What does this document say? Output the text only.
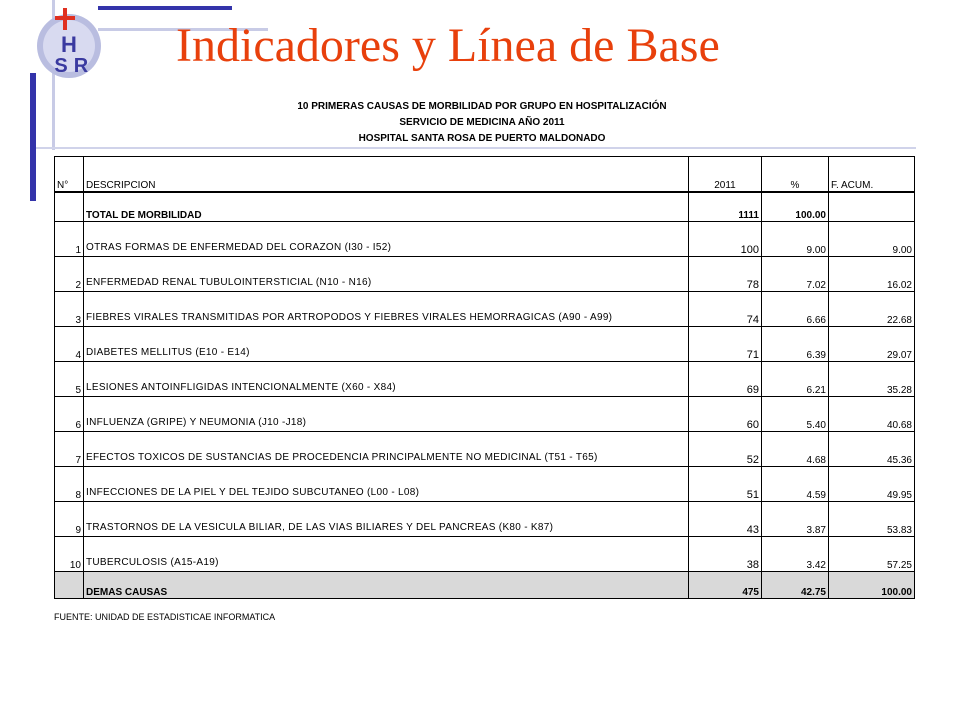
H
S R Indicadores y Línea de Base
10 PRIMERAS CAUSAS DE MORBILIDAD POR GRUPO EN HOSPITALIZACIÓN
SERVICIO DE MEDICINA AÑO 2011
HOSPITAL SANTA ROSA DE PUERTO MALDONADO
N°	DESCRIPCION	2011	%	F. ACUM.
	TOTAL DE MORBILIDAD	1111	100.00	
1	OTRAS FORMAS DE ENFERMEDAD DEL CORAZON (I30 - I52)	100	9.00	9.00
2	ENFERMEDAD RENAL TUBULOINTERSTICIAL (N10 - N16)	78	7.02	16.02
3	FIEBRES VIRALES TRANSMITIDAS POR ARTROPODOS Y FIEBRES VIRALES HEMORRAGICAS (A90 - A99)	74	6.66	22.68
4	DIABETES MELLITUS (E10 - E14)	71	6.39	29.07
5	LESIONES ANTOINFLIGIDAS INTENCIONALMENTE (X60 - X84)	69	6.21	35.28
6	INFLUENZA (GRIPE) Y NEUMONIA (J10 -J18)	60	5.40	40.68
7	EFECTOS TOXICOS DE SUSTANCIAS DE PROCEDENCIA PRINCIPALMENTE NO MEDICINAL (T51 - T65)	52	4.68	45.36
8	INFECCIONES DE LA PIEL Y DEL TEJIDO SUBCUTANEO (L00 - L08)	51	4.59	49.95
9	TRASTORNOS DE LA VESICULA BILIAR, DE LAS VIAS BILIARES Y DEL PANCREAS (K80 - K87)	43	3.87	53.83
10	TUBERCULOSIS (A15-A19)	38	3.42	57.25
	DEMAS CAUSAS	475	42.75	100.00
FUENTE: UNIDAD DE ESTADISTICAE INFORMATICA
